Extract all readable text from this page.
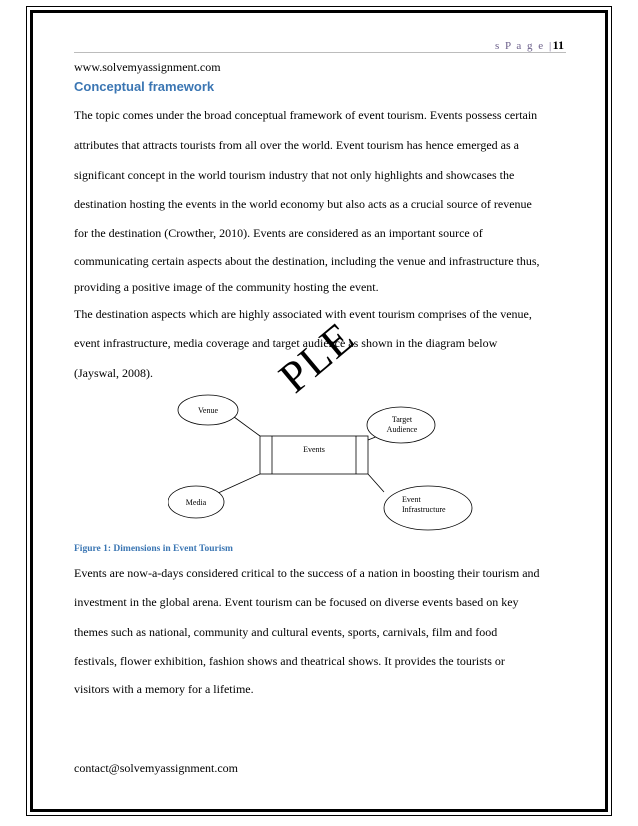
s P a g e |11
www.solvemyassignment.com
Conceptual framework
The topic comes under the broad conceptual framework of event tourism. Events possess certain
attributes that attracts tourists from all over the world. Event tourism has hence emerged as a
significant concept in the world tourism industry that not only highlights and showcases the
destination hosting the events in the world economy but also acts as a crucial source of revenue
for the destination (Crowther, 2010). Events are considered as an important source of
communicating certain aspects about the destination, including the venue and infrastructure thus,
providing a positive image of the community hosting the event.
The destination aspects which are highly associated with event tourism comprises of the venue,
event infrastructure, media coverage and target audience as shown in the diagram below
(Jayswal, 2008).	PLE
Events
Venue
Target
Audience
Media	Event
Infrastructure
Figure 1: Dimensions in Event Tourism
Events are now-a-days considered critical to the success of a nation in boosting their tourism and
investment in the global arena. Event tourism can be focused on diverse events based on key
themes such as national, community and cultural events, sports, carnivals, film and food
festivals, flower exhibition, fashion shows and theatrical shows. It provides the tourists or
visitors with a memory for a lifetime.
contact@solvemyassignment.com
